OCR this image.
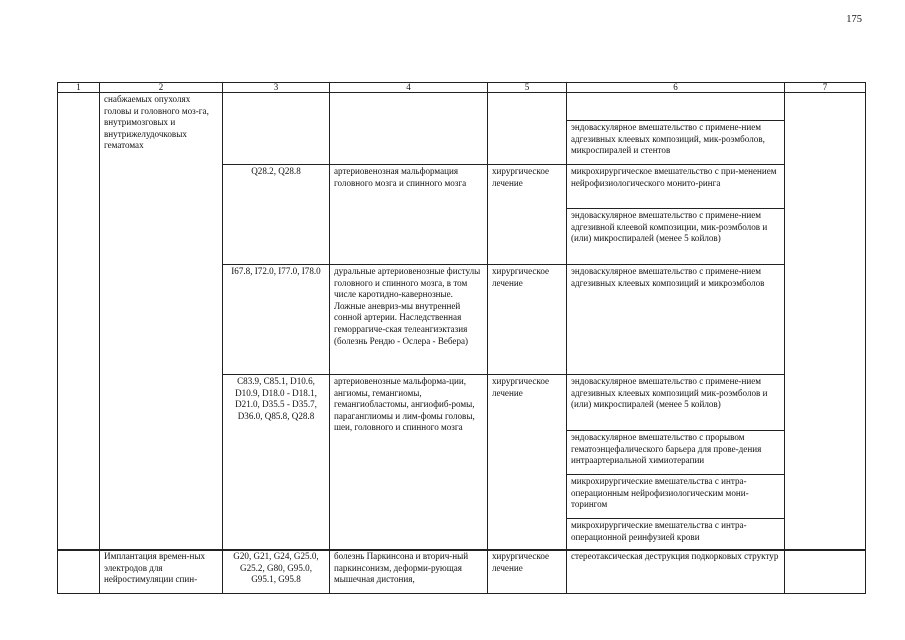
175
1	2	3	4	5	6	7
	снабжаемых опухолях головы и головного моз-га, внутримозговых и внутрижелудочковых гематомах					
					эндоваскулярное вмешательство с примене-нием адгезивных клеевых композиций, мик-роэмболов, микроспиралей и стентов	
		Q28.2, Q28.8	артериовенозная мальформация головного мозга и спинного мозга	хирургическое лечение	микрохирургическое вмешательство с при-менением нейрофизиологического монито-ринга	
					эндоваскулярное вмешательство с примене-нием адгезивной клеевой композиции, мик-роэмболов и (или) микроспиралей (менее 5 койлов)	
		I67.8, I72.0, I77.0, I78.0	дуральные артериовенозные фистулы головного и спинного мозга, в том числе каротидно-кавернозные. Ложные аневриз-мы внутренней сонной артерии. Наследственная геморрагиче-ская телеангиэктазия (болезнь Рендю - Ослера - Вебера)	хирургическое лечение	эндоваскулярное вмешательство с примене-нием адгезивных клеевых композиций и микроэмболов	
		C83.9, C85.1, D10.6, D10.9, D18.0 - D18.1, D21.0, D35.5 - D35.7, D36.0, Q85.8, Q28.8	артериовенозные мальформа-ции, ангиомы, гемангиомы, гемангиобластомы, ангиофиб-ромы, параганглиомы и лим-фомы головы, шеи, головного и спинного мозга	хирургическое лечение	эндоваскулярное вмешательство с примене-нием адгезивных клеевых композиций мик-роэмболов и (или) микроспиралей (менее 5 койлов)	
					эндоваскулярное вмешательство с прорывом гематоэнцефалического барьера для прове-дения интраартериальной химиотерапии	
					микрохирургические вмешательства с интра-операционным нейрофизиологическим мони-торингом	
					микрохирургические вмешательства с интра-операционной реинфузией крови	
	Имплантация времен-ных электродов для нейростимуляции спин-	G20, G21, G24, G25.0, G25.2, G80, G95.0, G95.1, G95.8	болезнь Паркинсона и вторич-ный паркинсонизм, деформи-рующая мышечная дистония,	хирургическое лечение	стереотаксическая деструкция подкорковых структур	
